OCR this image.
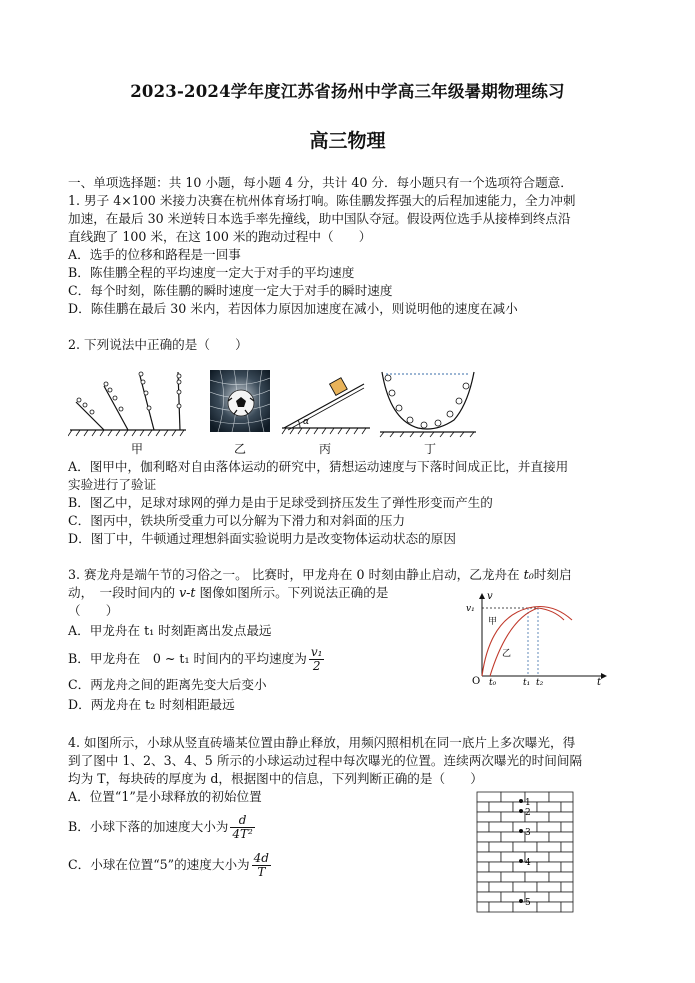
2023-2024学年度江苏省扬州中学高三年级暑期物理练习
高三物理
一、单项选择题：共 10 小题，每小题 4 分，共计 40 分．每小题只有一个选项符合题意．
1. 男子 4×100 米接力决赛在杭州体育场打响。陈佳鹏发挥强大的后程加速能力，全力冲刺
加速，在最后 30 米逆转日本选手率先撞线，助中国队夺冠。假设两位选手从接棒到终点沿
直线跑了 100 米，在这 100 米的跑动过程中（　　）
A．选手的位移和路程是一回事
B．陈佳鹏全程的平均速度一定大于对手的平均速度
C．每个时刻，陈佳鹏的瞬时速度一定大于对手的瞬时速度
D．陈佳鹏在最后 30 米内，若因体力原因加速度在减小，则说明他的速度在减小
2. 下列说法中正确的是（　　）
α
甲	乙	丙	丁
A．图甲中，伽利略对自由落体运动的研究中，猜想运动速度与下落时间成正比，并直接用
实验进行了验证
B．图乙中，足球对球网的弹力是由于足球受到挤压发生了弹性形变而产生的
C．图丙中，铁块所受重力可以分解为下滑力和对斜面的压力
D．图丁中，牛顿通过理想斜面实验说明力是改变物体运动状态的原因
3. 赛龙舟是端午节的习俗之一。 比赛时，甲龙舟在 0 时刻由静止启动，乙龙舟在 t₀时刻启
动，　一段时间内的 v-t 图像如图所示。下列说法正确的是
（　　）
A．甲龙舟在 t₁ 时刻距离出发点最远
B．甲龙舟在　0 ~ t₁ 时间内的平均速度为 $\frac{\text{v₁}}{2}$
C．两龙舟之间的距离先变大后变小
D．两龙舟在 t₂ 时刻相距最远
v
t
v₁
O t₀	t₁ t₂
甲
乙
4. 如图所示，小球从竖直砖墙某位置由静止释放，用频闪照相机在同一底片上多次曝光，得
到了图中 1、2、3、4、5 所示的小球运动过程中每次曝光的位置。连续两次曝光的时间间隔
均为 T，每块砖的厚度为 d，根据图中的信息，下列判断正确的是（　　）
A．位置“1”是小球释放的初始位置
B．小球下落的加速度大小为 $\frac{d}{\text{4T²}}$
C．小球在位置“5”的速度大小为 $\frac{4d}{T}$
1
2
3
4
5
